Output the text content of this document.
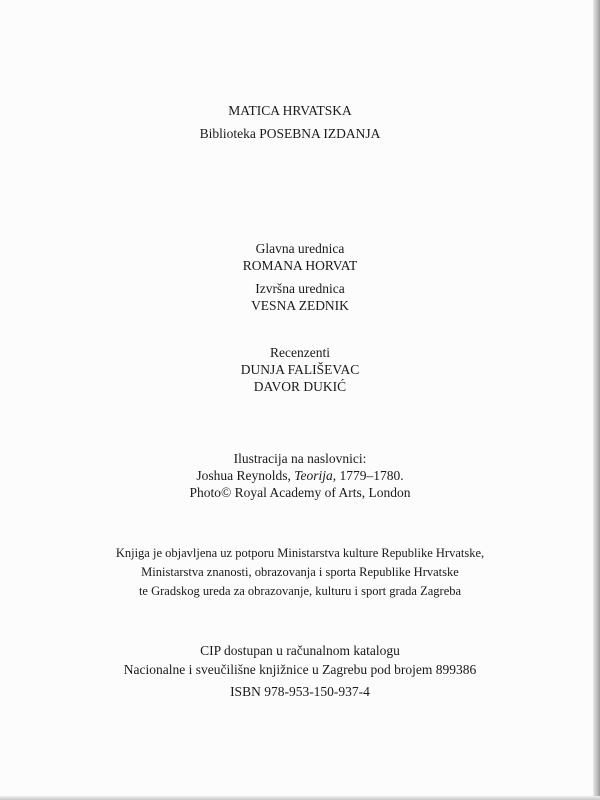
MATICA HRVATSKA
Biblioteka POSEBNA IZDANJA
Glavna urednica
ROMANA HORVAT
Izvršna urednica
VESNA ZEDNIK
Recenzenti
DUNJA FALIŠEVAC
DAVOR DUKIĆ
Ilustracija na naslovnici:
Joshua Reynolds, Teorija, 1779–1780.
Photo© Royal Academy of Arts, London
Knjiga je objavljena uz potporu Ministarstva kulture Republike Hrvatske,
Ministarstva znanosti, obrazovanja i sporta Republike Hrvatske
te Gradskog ureda za obrazovanje, kulturu i sport grada Zagreba
CIP dostupan u računalnom katalogu
Nacionalne i sveučilišne knjižnice u Zagrebu pod brojem 899386
ISBN 978-953-150-937-4
